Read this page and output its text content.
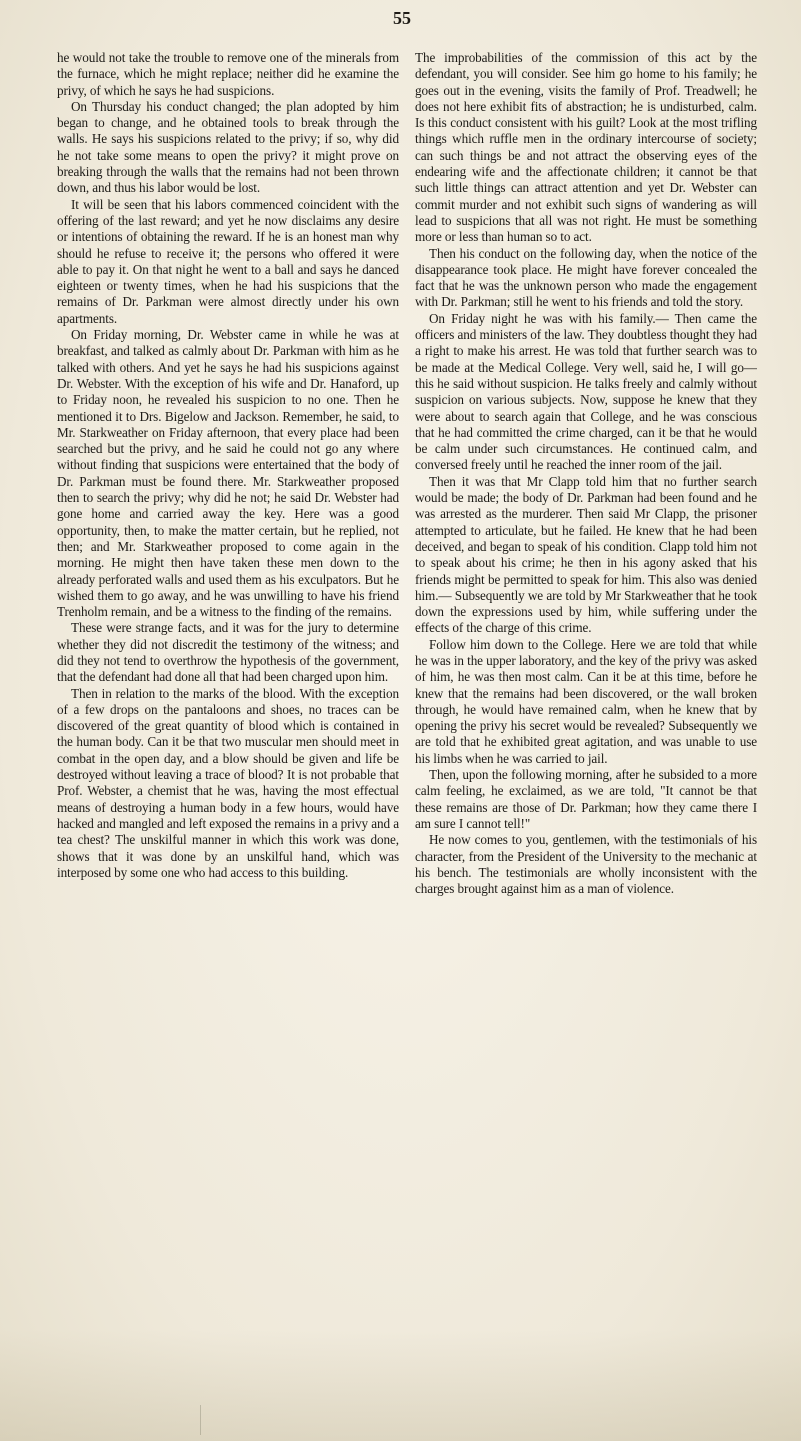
55

he would not take the trouble to remove one of the minerals from the furnace, which he might replace; neither did he examine the privy, of which he says he had suspicions.

On Thursday his conduct changed; the plan adopted by him began to change, and he obtained tools to break through the walls. He says his suspicions related to the privy; if so, why did he not take some means to open the privy? it might prove on breaking through the walls that the remains had not been thrown down, and thus his labor would be lost.

It will be seen that his labors commenced coincident with the offering of the last reward; and yet he now disclaims any desire or intentions of obtaining the reward. If he is an honest man why should he refuse to receive it; the persons who offered it were able to pay it. On that night he went to a ball and says he danced eighteen or twenty times, when he had his suspicions that the remains of Dr. Parkman were almost directly under his own apartments.

On Friday morning, Dr. Webster came in while he was at breakfast, and talked as calmly about Dr. Parkman with him as he talked with others. And yet he says he had his suspicions against Dr. Webster. With the exception of his wife and Dr. Hanaford, up to Friday noon, he revealed his suspicion to no one. Then he mentioned it to Drs. Bigelow and Jackson. Remember, he said, to Mr. Starkweather on Friday afternoon, that every place had been searched but the privy, and he said he could not go any where without finding that suspicions were entertained that the body of Dr. Parkman must be found there. Mr. Starkweather proposed then to search the privy; why did he not; he said Dr. Webster had gone home and carried away the key. Here was a good opportunity, then, to make the matter certain, but he replied, not then; and Mr. Starkweather proposed to come again in the morning. He might then have taken these men down to the already perforated walls and used them as his exculpators. But he wished them to go away, and he was unwilling to have his friend Trenholm remain, and be a witness to the finding of the remains.

These were strange facts, and it was for the jury to determine whether they did not discredit the testimony of the witness; and did they not tend to overthrow the hypothesis of the government, that the defendant had done all that had been charged upon him.

Then in relation to the marks of the blood. With the exception of a few drops on the pantaloons and shoes, no traces can be discovered of the great quantity of blood which is contained in the human body. Can it be that two muscular men should meet in combat in the open day, and a blow should be given and life be destroyed without leaving a trace of blood? It is not probable that Prof. Webster, a chemist that he was, having the most effectual means of destroying a human body in a few hours, would have hacked and mangled and left exposed the remains in a privy and a tea chest? The unskilful manner in which this work was done, shows that it was done by an unskilful hand, which was interposed by some one who had access to this building.

The improbabilities of the commission of this act by the defendant, you will consider. See him go home to his family; he goes out in the evening, visits the family of Prof. Treadwell; he does not here exhibit fits of abstraction; he is undisturbed, calm. Is this conduct consistent with his guilt? Look at the most trifling things which ruffle men in the ordinary intercourse of society; can such things be and not attract the observing eyes of the endearing wife and the affectionate children; it cannot be that such little things can attract attention and yet Dr. Webster can commit murder and not exhibit such signs of wandering as will lead to suspicions that all was not right. He must be something more or less than human so to act.

Then his conduct on the following day, when the notice of the disappearance took place. He might have forever concealed the fact that he was the unknown person who made the engagement with Dr. Parkman; still he went to his friends and told the story.

On Friday night he was with his family.— Then came the officers and ministers of the law. They doubtless thought they had a right to make his arrest. He was told that further search was to be made at the Medical College. Very well, said he, I will go—this he said without suspicion. He talks freely and calmly without suspicion on various subjects. Now, suppose he knew that they were about to search again that College, and he was conscious that he had committed the crime charged, can it be that he would be calm under such circumstances. He continued calm, and conversed freely until he reached the inner room of the jail.

Then it was that Mr Clapp told him that no further search would be made; the body of Dr. Parkman had been found and he was arrested as the murderer. Then said Mr Clapp, the prisoner attempted to articulate, but he failed. He knew that he had been deceived, and began to speak of his condition. Clapp told him not to speak about his crime; he then in his agony asked that his friends might be permitted to speak for him. This also was denied him.— Subsequently we are told by Mr Starkweather that he took down the expressions used by him, while suffering under the effects of the charge of this crime.

Follow him down to the College. Here we are told that while he was in the upper laboratory, and the key of the privy was asked of him, he was then most calm. Can it be at this time, before he knew that the remains had been discovered, or the wall broken through, he would have remained calm, when he knew that by opening the privy his secret would be revealed? Subsequently we are told that he exhibited great agitation, and was unable to use his limbs when he was carried to jail.

Then, upon the following morning, after he subsided to a more calm feeling, he exclaimed, as we are told, "It cannot be that these remains are those of Dr. Parkman; how they came there I am sure I cannot tell!"

He now comes to you, gentlemen, with the testimonials of his character, from the President of the University to the mechanic at his bench. The testimonials are wholly inconsistent with the charges brought against him as a man of violence.
